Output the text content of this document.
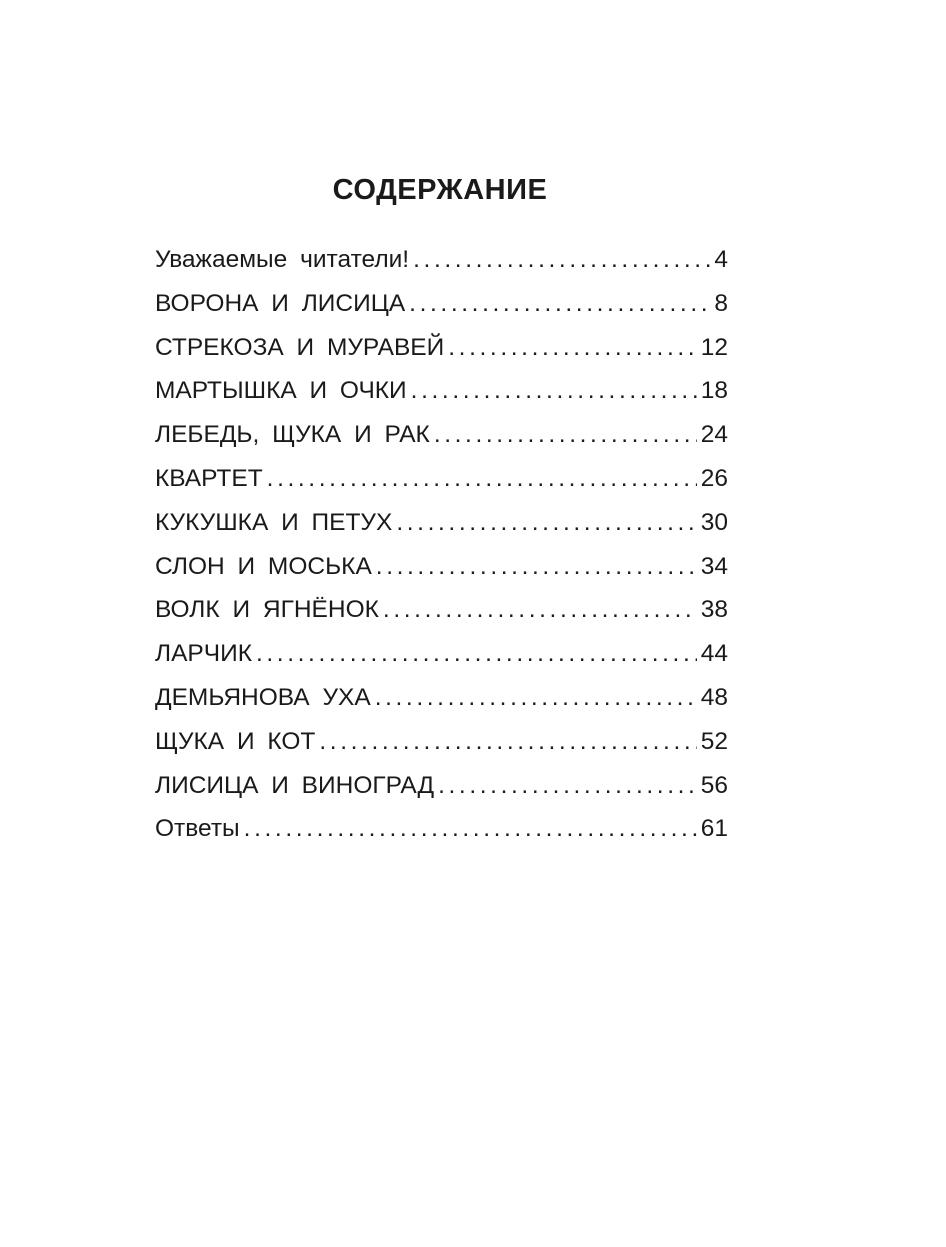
СОДЕРЖАНИЕ
Уважаемые читатели! . . .	4
ВОРОНА И ЛИСИЦА . . .	8
СТРЕКОЗА И МУРАВЕЙ . . .	12
МАРТЫШКА И ОЧКИ . . .	18
ЛЕБЕДЬ, ЩУКА И РАК . . .	24
КВАРТЕТ . . .	26
КУКУШКА И ПЕТУХ . . .	30
СЛОН И МОСЬКА . . .	34
ВОЛК И ЯГНЁНОК . . .	38
ЛАРЧИК . . .	44
ДЕМЬЯНОВА УХА . . .	48
ЩУКА И КОТ . . .	52
ЛИСИЦА И ВИНОГРАД . . .	56
Ответы . . .	61
